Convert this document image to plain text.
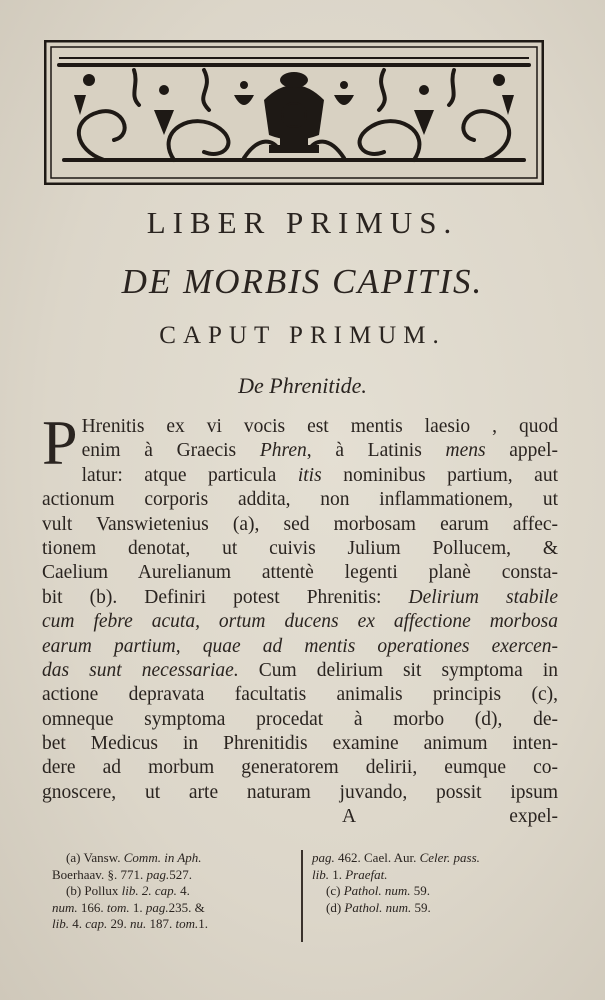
LIBER PRIMUS.
DE MORBIS CAPITIS.
CAPUT PRIMUM.
De Phrenitide.
P Hrenitis ex vi vocis est mentis laesio , quod
enim à Graecis Phren, à Latinis mens appel-
latur: atque particula itis nominibus partium, aut
actionum corporis addita, non inflammationem, ut
vult Vanswietenius (a), sed morbosam earum affec-
tionem denotat, ut cuivis Julium Pollucem, &
Caelium Aurelianum attentè legenti planè consta-
bit (b). Definiri potest Phrenitis: Delirium stabile
cum febre acuta, ortum ducens ex affectione morbosa
earum partium, quae ad mentis operationes exercen-
das sunt necessariae. Cum delirium sit symptoma in
actione depravata facultatis animalis principis (c),
omneque symptoma procedat à morbo (d), de-
bet Medicus in Phrenitidis examine animum inten-
dere ad morbum generatorem delirii, eumque co-
gnoscere, ut arte naturam juvando, possit ipsum
A	expel-
(a) Vansw. Comm. in Aph.
Boerhaav. §. 771. pag.527.
(b) Pollux lib. 2. cap. 4.
num. 166. tom. 1. pag.235. &
lib. 4. cap. 29. nu. 187. tom.1.
pag. 462. Cael. Aur. Celer. pass.
lib. 1. Praefat.
(c) Pathol. num. 59.
(d) Pathol. num. 59.
